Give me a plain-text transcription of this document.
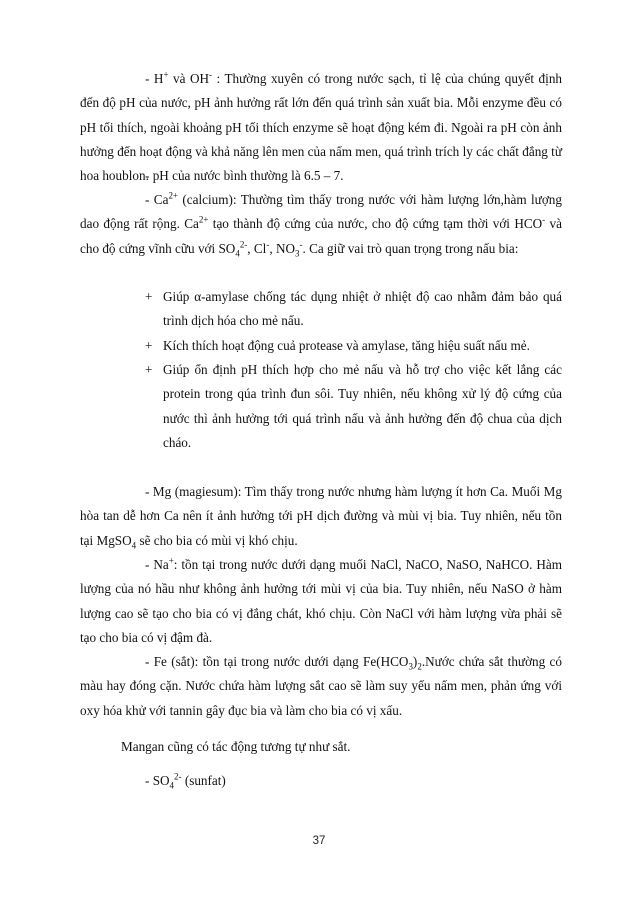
- H+ và OH- : Thường xuyên có trong nước sạch, tỉ lệ của chúng quyết định đến độ pH của nước, pH ảnh hưởng rất lớn đến quá trình sản xuất bia. Mỗi enzyme đều có pH tối thích, ngoài khoảng pH tối thích enzyme sẽ hoạt động kém đi. Ngoài ra pH còn ảnh hưởng đến hoạt động và khả năng lên men của nấm men, quá trình trích ly các chất đắng từ hoa houblon.

- pH của nước bình thường là 6.5 – 7.

- $Ca^{2+}$ (calcium): Thường tìm thấy trong nước với hàm lượng lớn,hàm lượng dao động rất rộng. $Ca^{2+}$ tạo thành độ cứng của nước, cho độ cứng tạm thời với HCO- và cho độ cứng vĩnh cữu với $SO_4^{2-}$, Cl-, $NO_3^-$. Ca giữ vai trò quan trọng trong nấu bia:

+ Giúp α-amylase chống tác dụng nhiệt ở nhiệt độ cao nhằm đảm bảo quá trình dịch hóa cho mẻ nấu.

+ Kích thích hoạt động cuả protease và amylase, tăng hiệu suất nấu mẻ.

+ Giúp ổn định pH thích hợp cho mẻ nấu và hỗ trợ cho việc kết lắng các protein trong qúa trình đun sôi. Tuy nhiên, nếu không xử lý độ cứng của nước thì ảnh hưởng tới quá trình nấu và ảnh hưởng đến độ chua của dịch cháo.

- Mg (magiesum): Tìm thấy trong nước nhưng hàm lượng ít hơn Ca. Muối Mg hòa tan dễ hơn Ca nên ít ảnh hưởng tới pH dịch đường và mùi vị bia. Tuy nhiên, nếu tồn tại MgSO$_4$ sẽ cho bia có mùi vị khó chịu.

- Na+: tồn tại trong nước dưới dạng muối NaCl, NaCO, NaSO, NaHCO. Hàm lượng của nó hầu như không ảnh hưởng tới mùi vị của bia. Tuy nhiên, nếu NaSO ở hàm lượng cao sẽ tạo cho bia có vị đắng chát, khó chịu. Còn NaCl với hàm lượng vừa phải sẽ tạo cho bia có vị đậm đà.

- Fe (sắt): tồn tại trong nước dưới dạng $Fe(HCO_3)_2.Nước$ chứa sắt thường có màu hay đóng cặn. Nước chứa hàm lượng sắt cao sẽ làm suy yếu nấm men, phản ứng với oxy hóa khử với tannin gây đục bia và làm cho bia có vị xấu.

Mangan cũng có tác động tương tự như sắt.

- $SO_4^{2-}$ (sunfat)

37
